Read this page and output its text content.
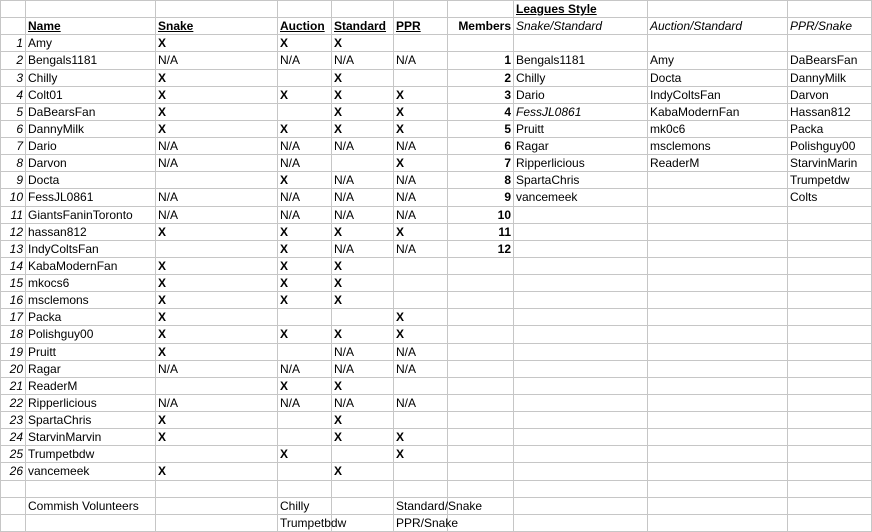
							Leagues Style		
	Name	Snake	Auction	Standard	PPR	Members	Snake/Standard	Auction/Standard	PPR/Snake
1	Amy	X	X	X					
2	Bengals1181	N/A	N/A	N/A	N/A	1	Bengals1181	Amy	DaBearsFan
3	Chilly	X		X		2	Chilly	Docta	DannyMilk
4	Colt01	X	X	X	X	3	Dario	IndyColtsFan	Darvon
5	DaBearsFan	X		X	X	4	FessJL0861	KabaModernFan	Hassan812
6	DannyMilk	X	X	X	X	5	Pruitt	mk0c6	Packa
7	Dario	N/A	N/A	N/A	N/A	6	Ragar	msclemons	Polishguy00
8	Darvon	N/A	N/A		X	7	Ripperlicious	ReaderM	StarvinMarin
9	Docta		X	N/A	N/A	8	SpartaChris		Trumpetdw
10	FessJL0861	N/A	N/A	N/A	N/A	9	vancemeek		Colts
11	GiantsFaninToronto	N/A	N/A	N/A	N/A	10			
12	hassan812	X	X	X	X	11			
13	IndyColtsFan		X	N/A	N/A	12			
14	KabaModernFan	X	X	X					
15	mkocs6	X	X	X					
16	msclemons	X	X	X					
17	Packa	X			X				
18	Polishguy00	X	X	X	X				
19	Pruitt	X		N/A	N/A				
20	Ragar	N/A	N/A	N/A	N/A				
21	ReaderM		X	X					
22	Ripperlicious	N/A	N/A	N/A	N/A				
23	SpartaChris	X		X					
24	StarvinMarvin	X		X	X				
25	Trumpetbdw		X		X				
26	vancemeek	X		X					

	Commish Volunteers		Chilly		Standard/Snake				
			Trumpetbdw		PPR/Snake				
